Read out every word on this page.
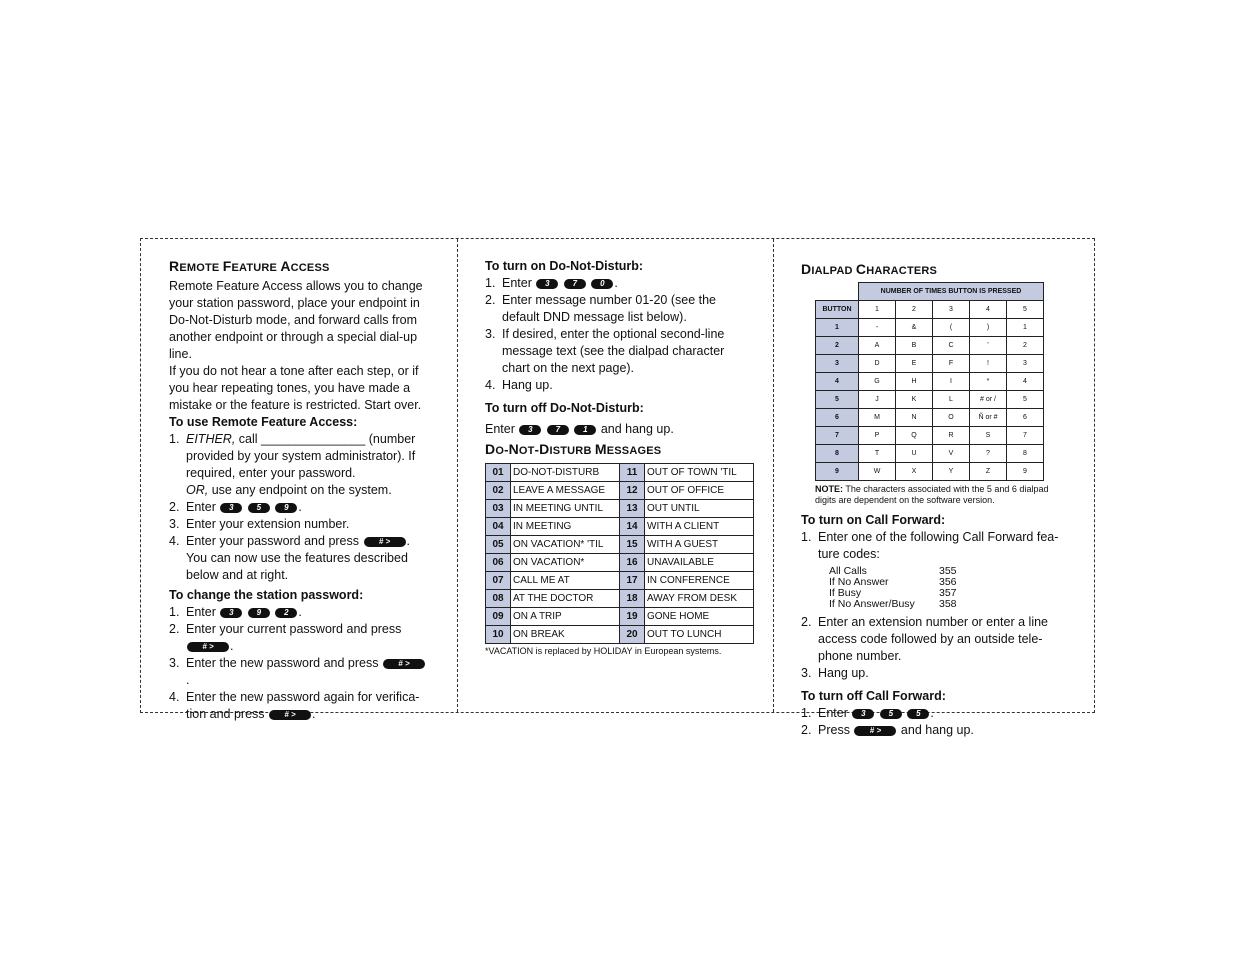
REMOTE FEATURE ACCESS

Remote Feature Access allows you to change your station password, place your endpoint in Do-Not-Disturb mode, and forward calls from another endpoint or through a special dial-up line.

If you do not hear a tone after each step, or if you hear repeating tones, you have made a mistake or the feature is restricted. Start over.

To use Remote Feature Access:

1. EITHER, call _______________ (number provided by your system administrator). If required, enter your password.
OR, use any endpoint on the system.
2. Enter 3	5	9 .
3. Enter your extension number.
4. Enter your password and press # > .
You can now use the features described below and at right.

To change the station password:

1. Enter 3	9	2 .
2. Enter your current password and press
# > .
3. Enter the new password and press # >.
4. Enter the new password again for verifica-tion and press # > .

To turn on Do-Not-Disturb:

1. Enter 3	7	0 .
2. Enter message number 01-20 (see the default DND message list below).
3. If desired, enter the optional second-line message text (see the dialpad character chart on the next page).
4. Hang up.

To turn off Do-Not-Disturb:

Enter 3	7	1 and hang up.

DO-NOT-DISTURB MESSAGES

01	DO-NOT-DISTURB	11	OUT OF TOWN 'TIL
02	LEAVE A MESSAGE	12	OUT OF OFFICE
03	IN MEETING UNTIL	13	OUT UNTIL
04	IN MEETING	14	WITH A CLIENT
05	ON VACATION* 'TIL	15	WITH A GUEST
06	ON VACATION*	16	UNAVAILABLE
07	CALL ME AT	17	IN CONFERENCE
08	AT THE DOCTOR	18	AWAY FROM DESK
09	ON A TRIP	19	GONE HOME
10	ON BREAK	20	OUT TO LUNCH

*VACATION is replaced by HOLIDAY in European systems.

DIALPAD CHARACTERS

	NUMBER OF TIMES BUTTON IS PRESSED				
BUTTON	1	2	3	4	5
1	-	&	(	)	1
2	A	B	C	'	2
3	D	E	F	!	3
4	G	H	I	*	4
5	J	K	L	# or /	5
6	M	N	O	Ñ or #	6
7	P	Q	R	S	7
8	T	U	V	?	8
9	W	X	Y	Z	9

NOTE: The characters associated with the 5 and 6 dialpad digits are dependent on the software version.

To turn on Call Forward:

1. Enter one of the following Call Forward fea-ture codes:
All Calls	355
If No Answer	356
If Busy	357
If No Answer/Busy	358
2. Enter an extension number or enter a line access code followed by an outside tele-phone number.
3. Hang up.

To turn off Call Forward:

1. Enter 3	5	5 .
2. Press # > and hang up.
